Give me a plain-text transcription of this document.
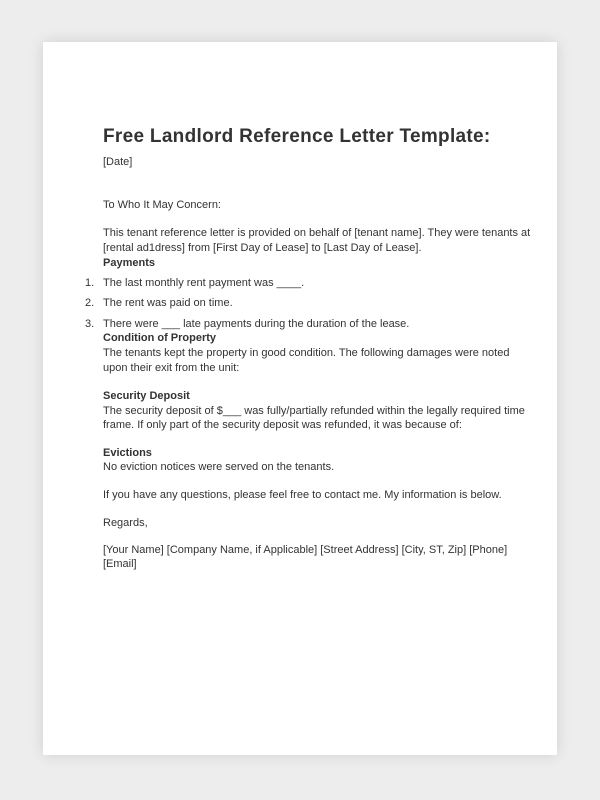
Free Landlord Reference Letter Template:

[Date]

To Who It May Concern:

This tenant reference letter is provided on behalf of [tenant name]. They were tenants at

[rental ad1dress] from [First Day of Lease] to [Last Day of Lease].

Payments

1. The last monthly rent payment was ____.

2. The rent was paid on time.

3. There were ___ late payments during the duration of the lease.

Condition of Property

The tenants kept the property in good condition. The following damages were noted

upon their exit from the unit:

Security Deposit

The security deposit of $___ was fully/partially refunded within the legally required time

frame. If only part of the security deposit was refunded, it was because of:

Evictions

No eviction notices were served on the tenants.

If you have any questions, please feel free to contact me. My information is below.

Regards,

[Your Name] [Company Name, if Applicable] [Street Address] [City, ST, Zip] [Phone]

[Email]
